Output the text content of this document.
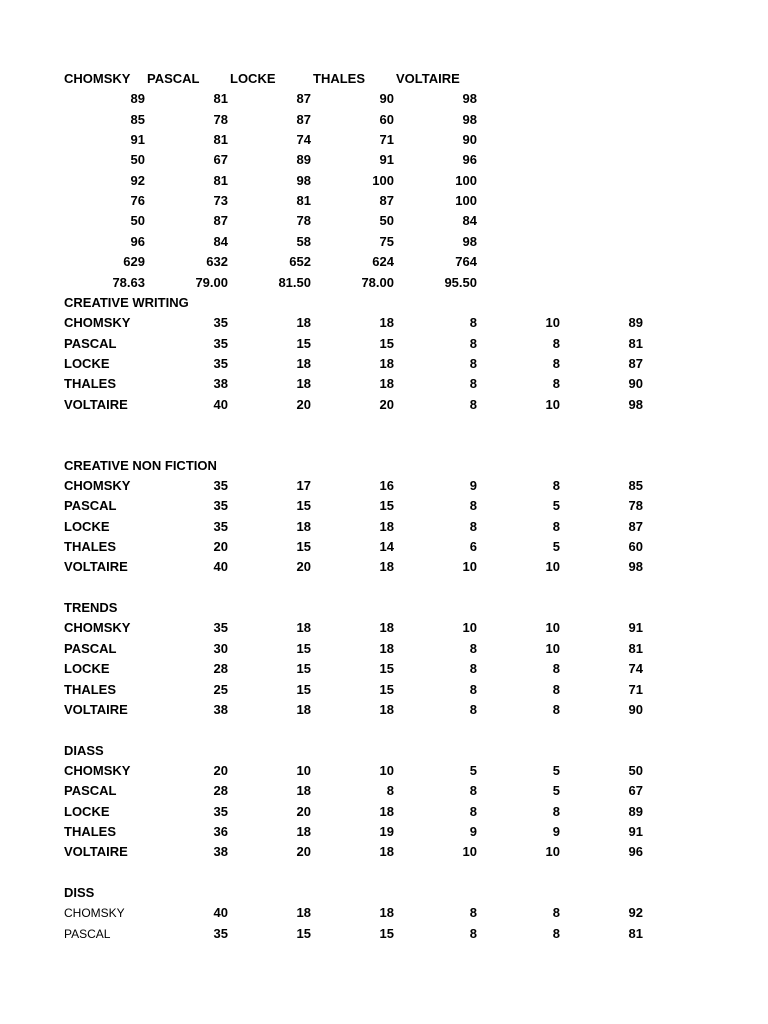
CHOMSKY PASCAL LOCKE	THALES VOLTAIRE
89	81	87	90	98
85	78	87	60	98
91	81	74	71	90
50	67	89	91	96
92	81	98	100	100
76	73	81	87	100
50	87	78	50	84
96	84	58	75	98
629	632	652	624	764
78.63	79.00	81.50	78.00	95.50
CREATIVE WRITING
CHOMSKY	35	18	18	8	10	89
PASCAL	35	15	15	8	8	81
LOCKE	35	18	18	8	8	87
THALES	38	18	18	8	8	90
VOLTAIRE	40	20	20	8	10	98
CREATIVE NON FICTION
CHOMSKY	35	17	16	9	8	85
PASCAL	35	15	15	8	5	78
LOCKE	35	18	18	8	8	87
THALES	20	15	14	6	5	60
VOLTAIRE	40	20	18	10	10	98
TRENDS
CHOMSKY	35	18	18	10	10	91
PASCAL	30	15	18	8	10	81
LOCKE	28	15	15	8	8	74
THALES	25	15	15	8	8	71
VOLTAIRE	38	18	18	8	8	90
DIASS
CHOMSKY	20	10	10	5	5	50
PASCAL	28	18	8	8	5	67
LOCKE	35	20	18	8	8	89
THALES	36	18	19	9	9	91
VOLTAIRE	38	20	18	10	10	96
DISS
CHOMSKY	40	18	18	8	8	92
PASCAL	35	15	15	8	8	81
